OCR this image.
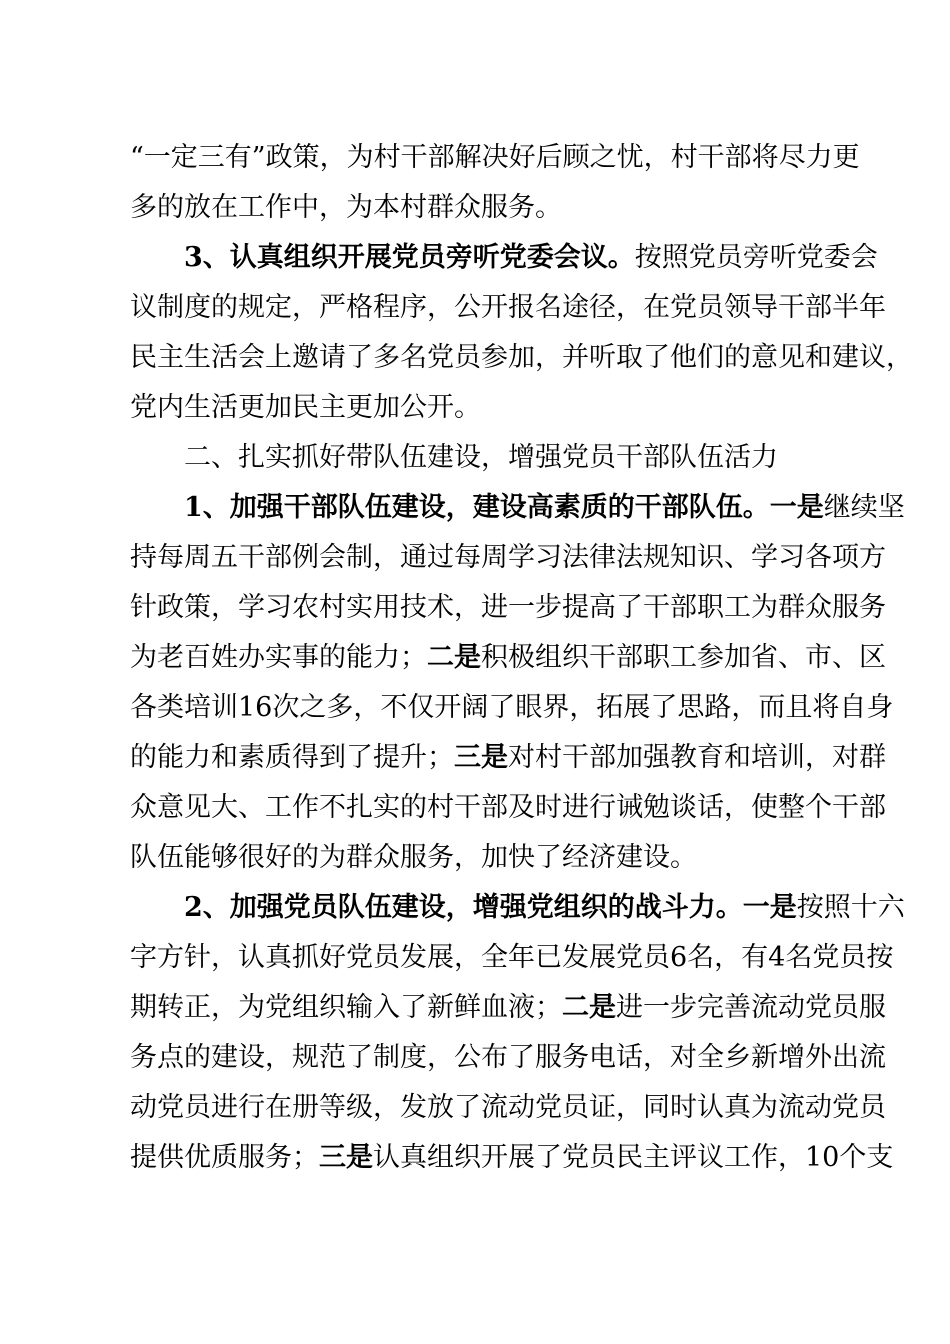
“一定三有”政策，为村干部解决好后顾之忧，村干部将尽力更
多的放在工作中，为本村群众服务。
3、认真组织开展党员旁听党委会议。按照党员旁听党委会
议制度的规定，严格程序，公开报名途径，在党员领导干部半年
民主生活会上邀请了多名党员参加，并听取了他们的意见和建议，
党内生活更加民主更加公开。
二、扎实抓好带队伍建设，增强党员干部队伍活力
1、加强干部队伍建设，建设高素质的干部队伍。一是继续坚
持每周五干部例会制，通过每周学习法律法规知识、学习各项方
针政策，学习农村实用技术，进一步提高了干部职工为群众服务
为老百姓办实事的能力；二是积极组织干部职工参加省、市、区
各类培训16次之多，不仅开阔了眼界，拓展了思路，而且将自身
的能力和素质得到了提升；三是对村干部加强教育和培训，对群
众意见大、工作不扎实的村干部及时进行诫勉谈话，使整个干部
队伍能够很好的为群众服务，加快了经济建设。
2、加强党员队伍建设，增强党组织的战斗力。一是按照十六
字方针，认真抓好党员发展，全年已发展党员6名，有4名党员按
期转正，为党组织输入了新鲜血液；二是进一步完善流动党员服
务点的建设，规范了制度，公布了服务电话，对全乡新增外出流
动党员进行在册等级，发放了流动党员证，同时认真为流动党员
提供优质服务；三是认真组织开展了党员民主评议工作，10个支
